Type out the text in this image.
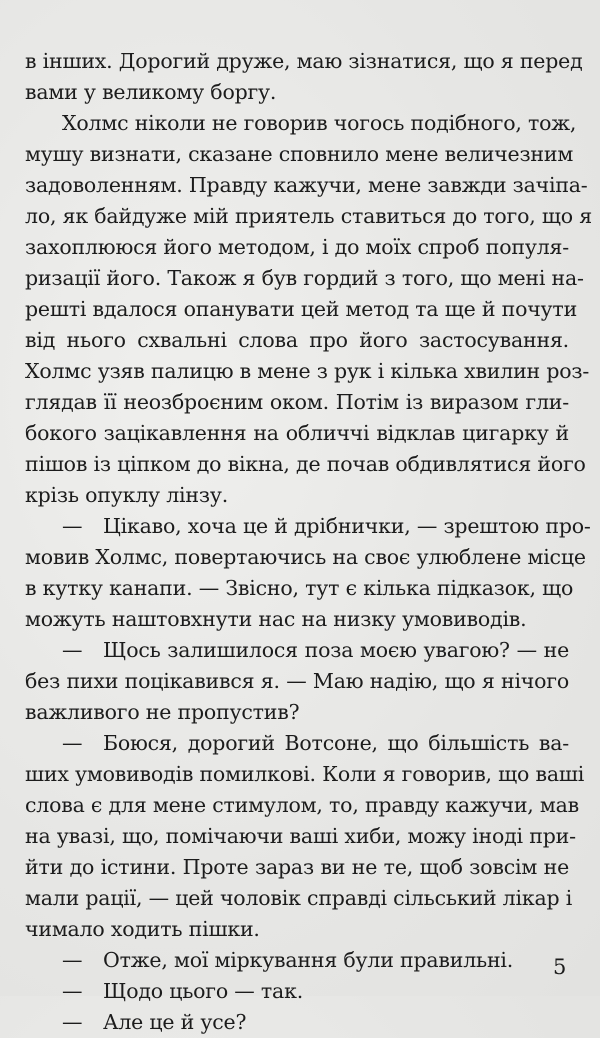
в інших. Дорогий друже, маю зізнатися, що я перед
вами у великому боргу.
Холмс ніколи не говорив чогось подібного, тож,
мушу визнати, сказане сповнило мене величезним
задоволенням. Правду кажучи, мене завжди зачіпа-
ло, як байдуже мій приятель ставиться до того, що я
захоплююся його методом, і до моїх спроб популя-
ризації його. Також я був гордий з того, що мені на-
решті вдалося опанувати цей метод та ще й почути
від нього схвальні слова про його застосування.
Холмс узяв палицю в мене з рук і кілька хвилин роз-
глядав її неозброєним оком. Потім із виразом гли-
бокого зацікавлення на обличчі відклав цигарку й
пішов із ціпком до вікна, де почав обдивлятися його
крізь опуклу лінзу.
— Цікаво, хоча це й дрібнички, — зрештою про-
мовив Холмс, повертаючись на своє улюблене місце
в кутку канапи. — Звісно, тут є кілька підказок, що
можуть наштовхнути нас на низку умовиводів.
— Щось залишилося поза моєю увагою? — не
без пихи поцікавився я. — Маю надію, що я нічого
важливого не пропустив?
— Боюся, дорогий Вотсоне, що більшість ва-
ших умовиводів помилкові. Коли я говорив, що ваші
слова є для мене стимулом, то, правду кажучи, мав
на увазі, що, помічаючи ваші хиби, можу іноді при-
йти до істини. Проте зараз ви не те, щоб зовсім не
мали рації, — цей чоловік справді сільський лікар і
чимало ходить пішки.
— Отже, мої міркування були правильні.
— Щодо цього — так.
— Але це й усе?
5
